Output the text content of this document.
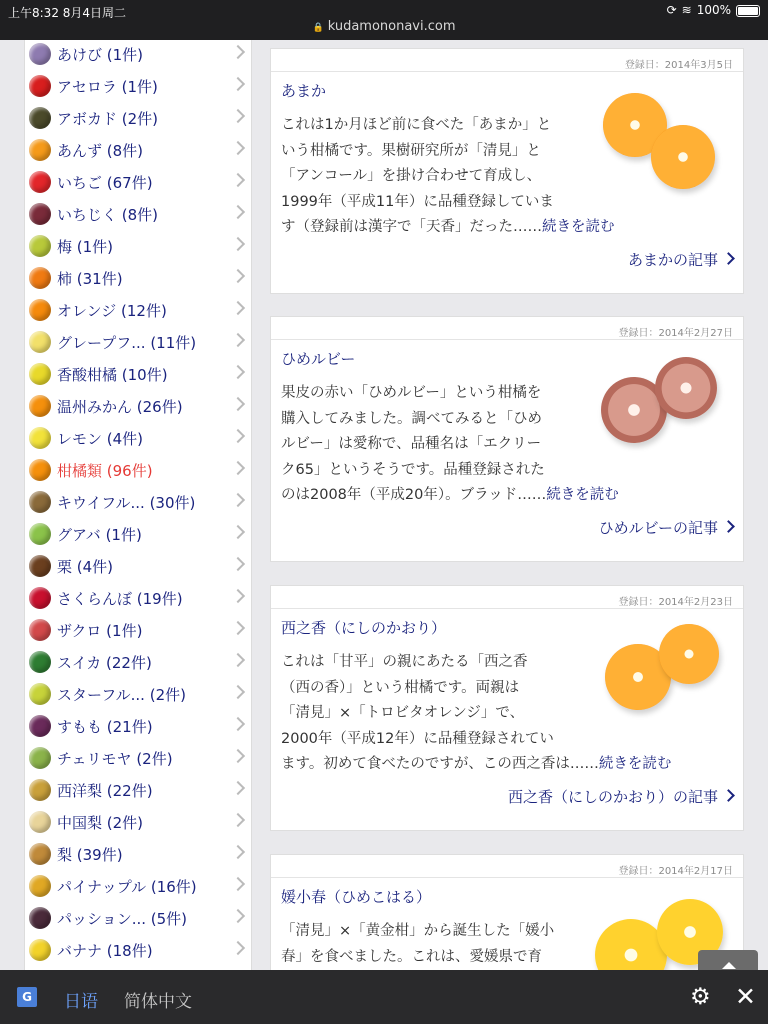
上午8:32 8月4日周二
🔒 kudamononavi.com
⟳ ≋ 100%
あけび (1件)
アセロラ (1件)
アボカド (2件)
あんず (8件)
いちご (67件)
いちじく (8件)
梅 (1件)
柿 (31件)
オレンジ (12件)
グレープフ... (11件)
香酸柑橘 (10件)
温州みかん (26件)
レモン (4件)
柑橘類 (96件)
キウイフル... (30件)
グアバ (1件)
栗 (4件)
さくらんぼ (19件)
ザクロ (1件)
スイカ (22件)
スターフル... (2件)
すもも (21件)
チェリモヤ (2件)
西洋梨 (22件)
中国梨 (2件)
梨 (39件)
パイナップル (16件)
パッション... (5件)
バナナ (18件)
登録日：2014年3月5日
あまか
これは1か月ほど前に食べた「あまか」と
いう柑橘です。果樹研究所が「清見」と
「アンコール」を掛け合わせて育成し、
1999年（平成11年）に品種登録していま
す（登録前は漢字で「天香」だった……続きを読む
あまかの記事
登録日：2014年2月27日
ひめルビー
果皮の赤い「ひめルビー」という柑橘を
購入してみました。調べてみると「ひめ
ルビー」は愛称で、品種名は「エクリー
ク65」というそうです。品種登録された
のは2008年（平成20年）。ブラッド……続きを読む
ひめルビーの記事
登録日：2014年2月23日
西之香（にしのかおり）
これは「甘平」の親にあたる「西之香
（西の香）」という柑橘です。両親は
「清見」×「トロビタオレンジ」で、
2000年（平成12年）に品種登録されてい
ます。初めて食べたのですが、この西之香は……続きを読む
西之香（にしのかおり）の記事
登録日：2014年2月17日
媛小春（ひめこはる）
「清見」×「黄金柑」から誕生した「媛小
春」を食べました。これは、愛媛県で育
G 日语 简体中文	⚙ ✕
